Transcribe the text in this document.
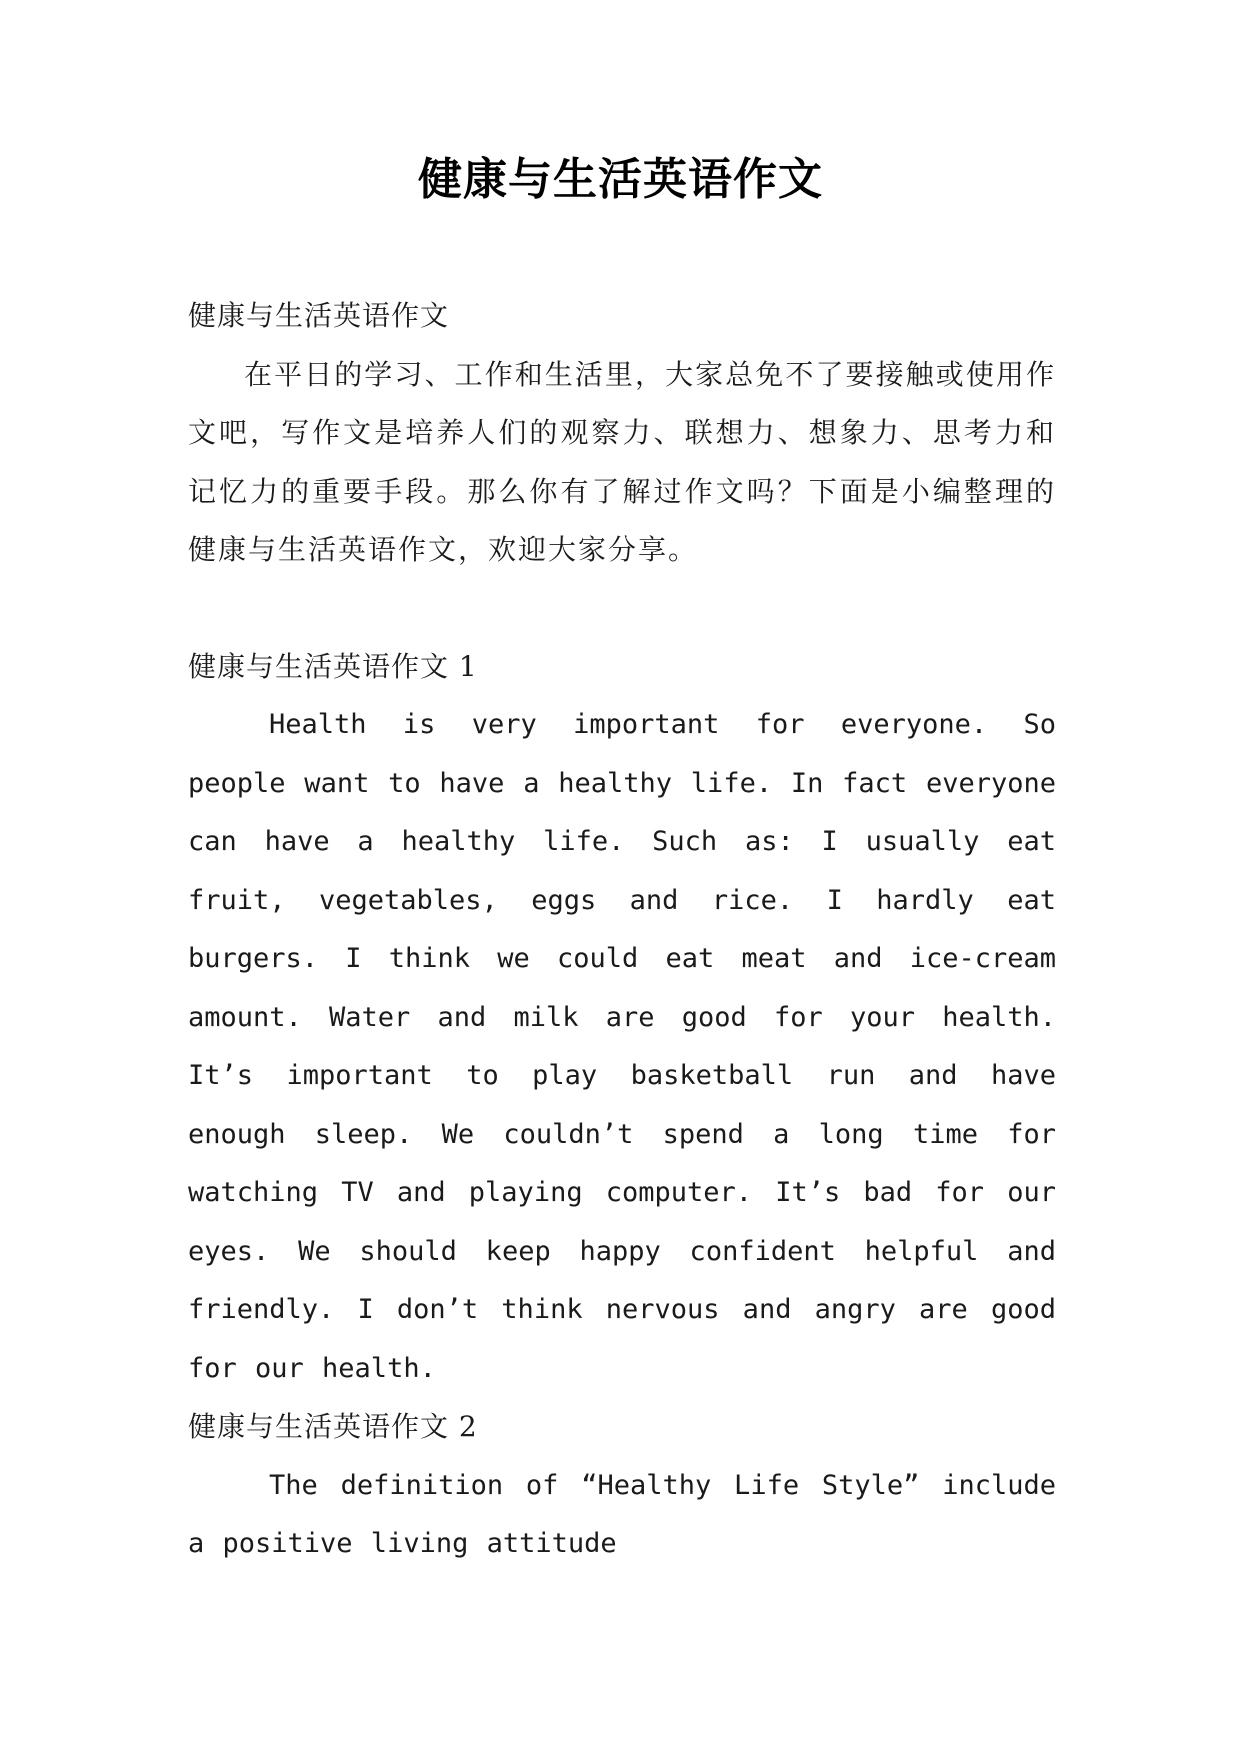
健康与生活英语作文

健康与生活英语作文

在平日的学习、工作和生活里，大家总免不了要接触或使用作文吧，写作文是培养人们的观察力、联想力、想象力、思考力和记忆力的重要手段。那么你有了解过作文吗？下面是小编整理的健康与生活英语作文，欢迎大家分享。

健康与生活英语作文 1

Health is very important for everyone. So people want to have a healthy life. In fact everyone can have a healthy life. Such as: I usually eat fruit, vegetables, eggs and rice. I hardly eat burgers. I think we could eat meat and ice-cream amount. Water and milk are good for your health. It’s important to play basketball run and have enough sleep. We couldn’t spend a long time for watching TV and playing computer. It’s bad for our eyes. We should keep happy confident helpful and friendly. I don’t think nervous and angry are good for our health.

健康与生活英语作文 2

The definition of “Healthy Life Style” include a positive living attitude
